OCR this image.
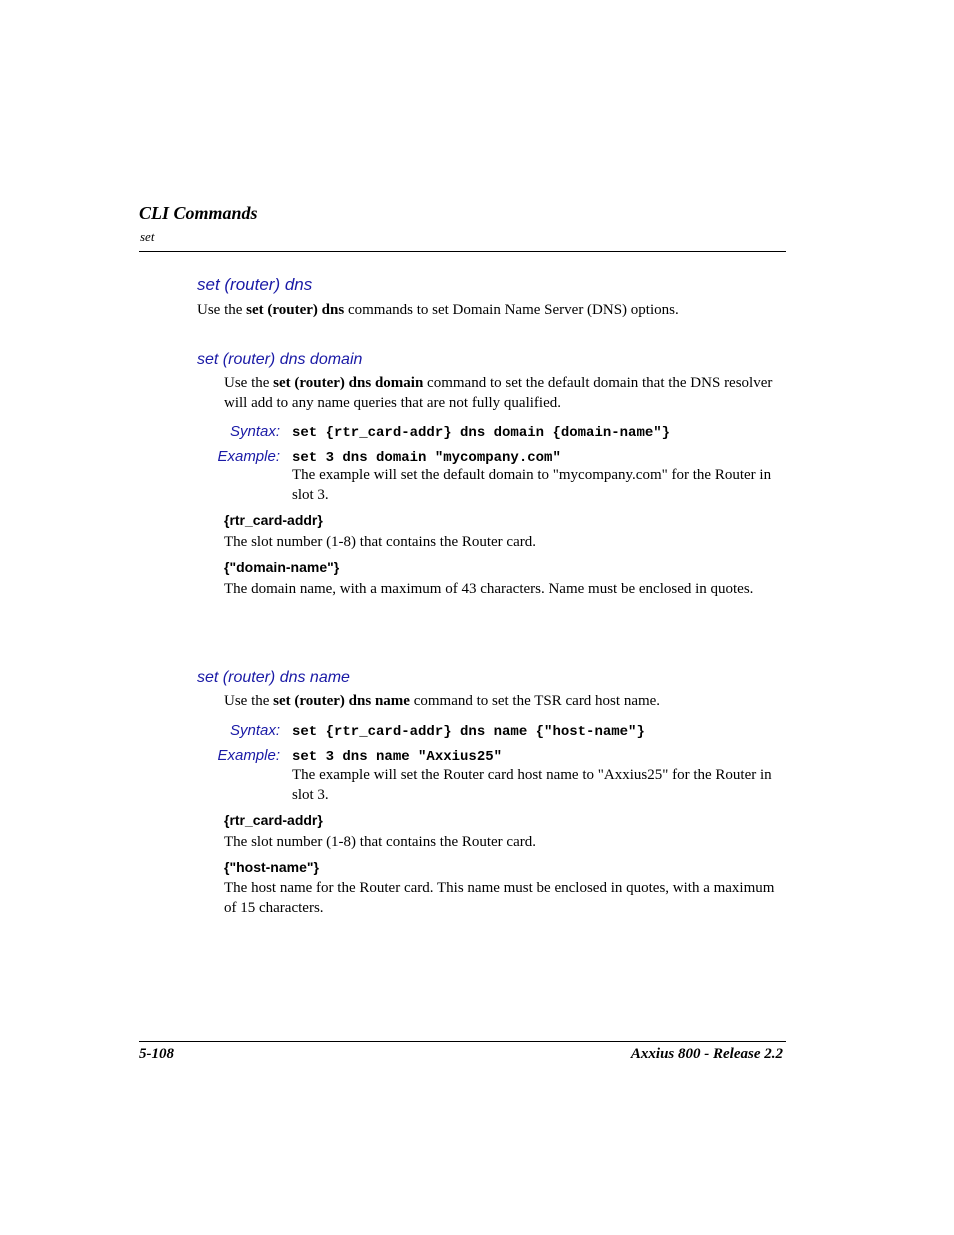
CLI Commands
set
set (router) dns
Use the set (router) dns commands to set Domain Name Server (DNS) options.
set (router) dns domain
Use the set (router) dns domain command to set the default domain that the DNS resolver will add to any name queries that are not fully qualified.
Syntax: set {rtr_card-addr} dns domain {domain-name"}
Example: set 3 dns domain "mycompany.com"
The example will set the default domain to "mycompany.com" for the Router in slot 3.
{rtr_card-addr}
The slot number (1-8) that contains the Router card.
{"domain-name"}
The domain name, with a maximum of 43 characters. Name must be enclosed in quotes.
set (router) dns name
Use the set (router) dns name command to set the TSR card host name.
Syntax: set {rtr_card-addr} dns name {"host-name"}
Example: set 3 dns name "Axxius25"
The example will set the Router card host name to "Axxius25" for the Router in slot 3.
{rtr_card-addr}
The slot number (1-8) that contains the Router card.
{"host-name"}
The host name for the Router card. This name must be enclosed in quotes, with a maximum of 15 characters.
5-108	Axxius 800 - Release 2.2
